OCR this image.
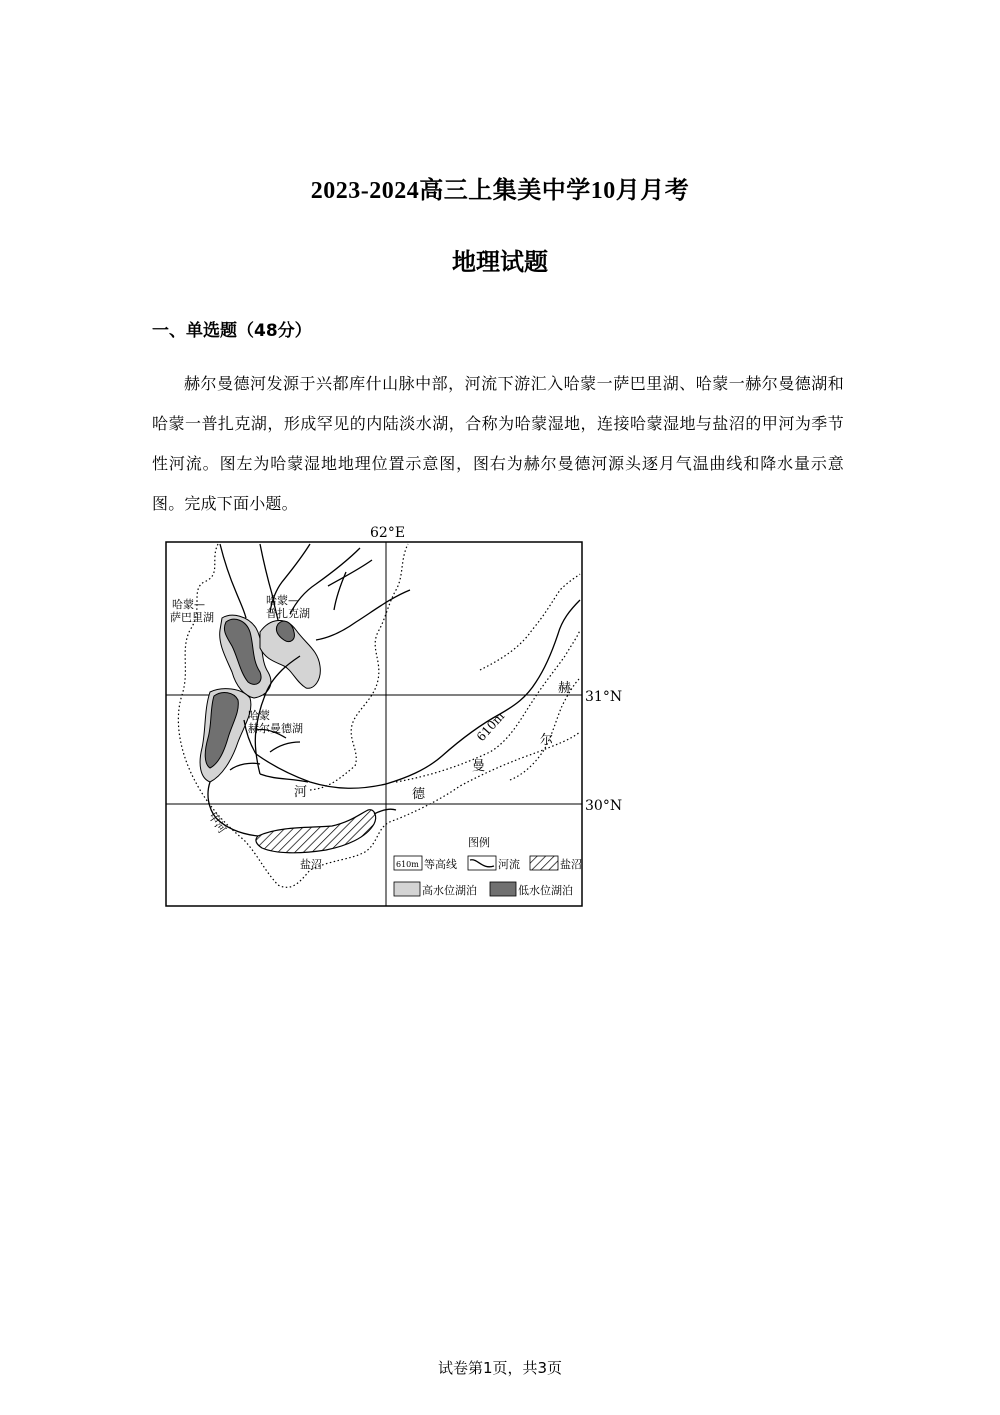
2023-2024高三上集美中学10月月考
地理试题
一、单选题（48分）

赫尔曼德河发源于兴都库什山脉中部，河流下游汇入哈蒙一萨巴里湖、哈蒙一赫尔曼德湖和哈蒙一普扎克湖，形成罕见的内陆淡水湖，合称为哈蒙湿地，连接哈蒙湿地与盐沼的甲河为季节性河流。图左为哈蒙湿地地理位置示意图，图右为赫尔曼德河源头逐月气温曲线和降水量示意图。完成下面小题。

62°E
31°N
30°N
哈蒙—
萨巴里湖
哈蒙—
普扎克湖
哈蒙
赫尔曼德湖	610m
赫
尔
曼
德
河
甲河
盐沼
图例
610m 等高线	河流	盐沼
高水位湖泊	低水位湖泊
试卷第1页，共3页
